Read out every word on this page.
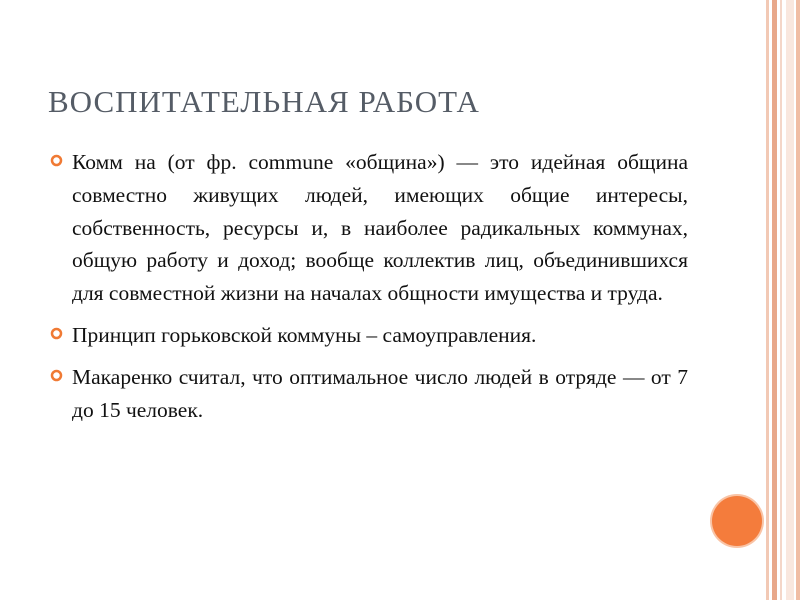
ВОСПИТАТЕЛЬНАЯ РАБОТА
Комм на (от фр. commune «община») — это идейная община совместно живущих людей, имеющих общие интересы, собственность, ресурсы и, в наиболее радикальных коммунах, общую работу и доход; вообще коллектив лиц, объединившихся для совместной жизни на началах общности имущества и труда.
Принцип горьковской коммуны – самоуправления.
Макаренко считал, что оптимальное число людей в отряде — от 7 до 15 человек.
